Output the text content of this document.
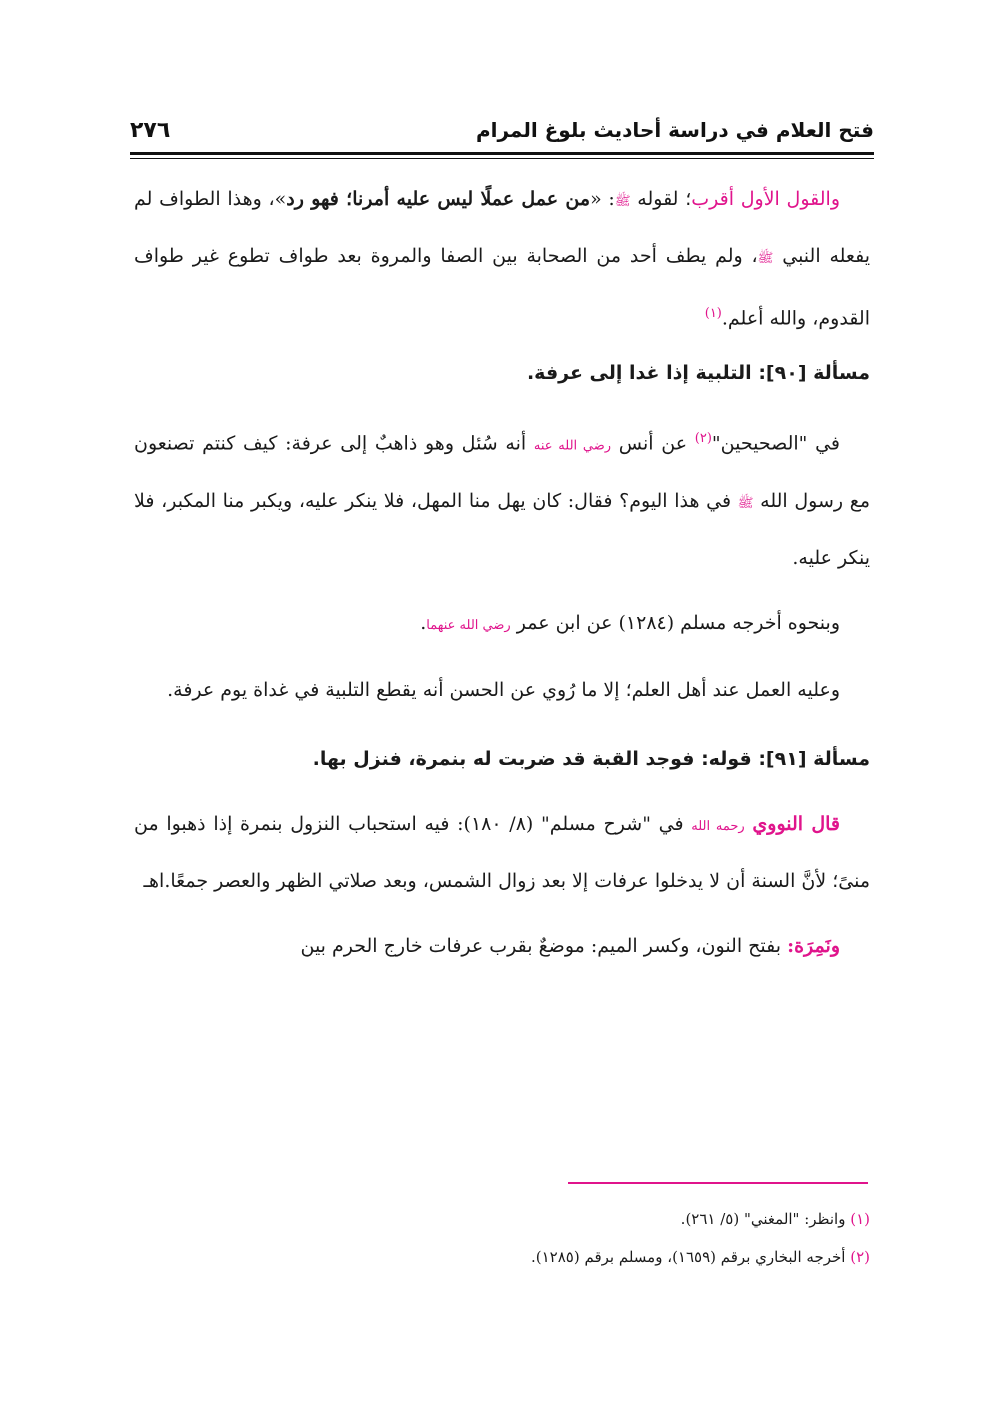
فتح العلام في دراسة أحاديث بلوغ المرام
٢٧٦

والقول الأول أقرب؛ لقوله ﷺ: «من عمل عملًا ليس عليه أمرنا؛ فهو رد»، وهذا الطواف لم يفعله النبي ﷺ، ولم يطف أحد من الصحابة بين الصفا والمروة بعد طواف تطوع غير طواف القدوم، والله أعلم.$^{(١)}$

مسألة [٩٠]: التلبية إذا غدا إلى عرفة.

في "الصحيحين"$^{(٢)}$ عن أنس رضي الله عنه أنه سُئل وهو ذاهبٌ إلى عرفة: كيف كنتم تصنعون مع رسول الله ﷺ في هذا اليوم؟ فقال: كان يهل منا المهل، فلا ينكر عليه، ويكبر منا المكبر، فلا ينكر عليه.

وبنحوه أخرجه مسلم (١٢٨٤) عن ابن عمر رضي الله عنهما.

وعليه العمل عند أهل العلم؛ إلا ما رُوي عن الحسن أنه يقطع التلبية في غداة يوم عرفة.

مسألة [٩١]: قوله: فوجد القبة قد ضربت له بنمرة، فنزل بها.

قال النووي رحمه الله في "شرح مسلم" (٨/ ١٨٠): فيه استحباب النزول بنمرة إذا ذهبوا من منىً؛ لأنَّ السنة أن لا يدخلوا عرفات إلا بعد زوال الشمس، وبعد صلاتي الظهر والعصر جمعًا.اهـ

ونَمِرَة: بفتح النون، وكسر الميم: موضعٌ بقرب عرفات خارج الحرم بين

(١) وانظر: "المغني" (٥/ ٢٦١).

(٢) أخرجه البخاري برقم (١٦٥٩)، ومسلم برقم (١٢٨٥).
